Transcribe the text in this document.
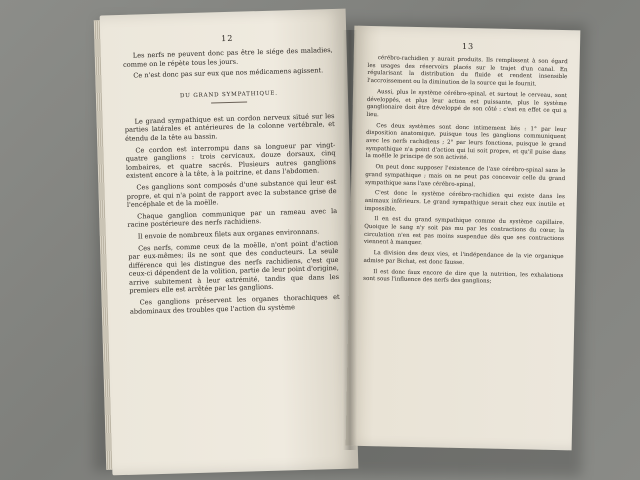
12

Les nerfs ne peuvent donc pas être le siége des maladies, comme on le répète tous les jours.

Ce n'est donc pas sur eux que nos médicamens agissent.

DU GRAND SYMPATHIQUE.

Le grand sympathique est un cordon nerveux situé sur les parties latérales et antérieures de la colonne vertébrale, et étendu de la tête au bassin.

Ce cordon est interrompu dans sa longueur par vingt-quatre ganglions : trois cervicaux, douze dorsaux, cinq lombaires, et quatre sacrés. Plusieurs autres ganglions existent encore à la tête, à la poitrine, et dans l'abdomen.

Ces ganglions sont composés d'une substance qui leur est propre, et qui n'a point de rapport avec la substance grise de l'encéphale et de la moëlle.

Chaque ganglion communique par un rameau avec la racine postérieure des nerfs rachidiens.

Il envoie de nombreux filets aux organes environnans.

Ces nerfs, comme ceux de la moëlle, n'ont point d'action par eux-mêmes; ils ne sont que des conducteurs. La seule différence qui les distingue des nerfs rachidiens, c'est que ceux-ci dépendent de la volition, partie de leur point d'origine, arrive subitement à leur extrémité, tandis que dans les premiers elle est arrêtée par les ganglions.

Ces ganglions préservent les organes thorachiques et abdominaux des troubles que l'action du système

13

cérébro-rachidien y aurait produits. Ils remplissent à son égard les usages des réservoirs placés sur le trajet d'un canal. En régularisant la distribution du fluide et rendent insensible l'accroissement ou la diminution de la source qui le fournit.

Aussi, plus le système cérébro-spinal, et surtout le cerveau, sont développés, et plus leur action est puissante, plus le système ganglionaire doit être développé de son côté : c'est en effet ce qui a lieu.

Ces deux systèmes sont donc intimement liés : 1° par leur disposition anatomique, puisque tous les ganglions communiquent avec les nerfs rachidiens ; 2° par leurs fonctions, puisque le grand sympathique n'a point d'action qui lui soit propre, et qu'il puise dans la moëlle le principe de son activité.

On peut donc supposer l'existence de l'axe cérébro-spinal sans le grand sympathique ; mais on ne peut pas concevoir celle du grand sympathique sans l'axe cérébro-spinal.

C'est donc le système cérébro-rachidien qui existe dans les animaux inférieurs. Le grand sympathique serait chez eux inutile et impossible.

Il en est du grand sympathique comme du système capillaire. Quoique le sang n'y soit pas mu par les contractions du cœur, la circulation n'en est pas moins suspendue dès que ses contractions viennent à manquer.

La division des deux vies, et l'indépendance de la vie organique admise par Bichat, est donc fausse.

Il est donc faux encore de dire que la nutrition, les exhalations sont sous l'influence des nerfs des ganglions;
